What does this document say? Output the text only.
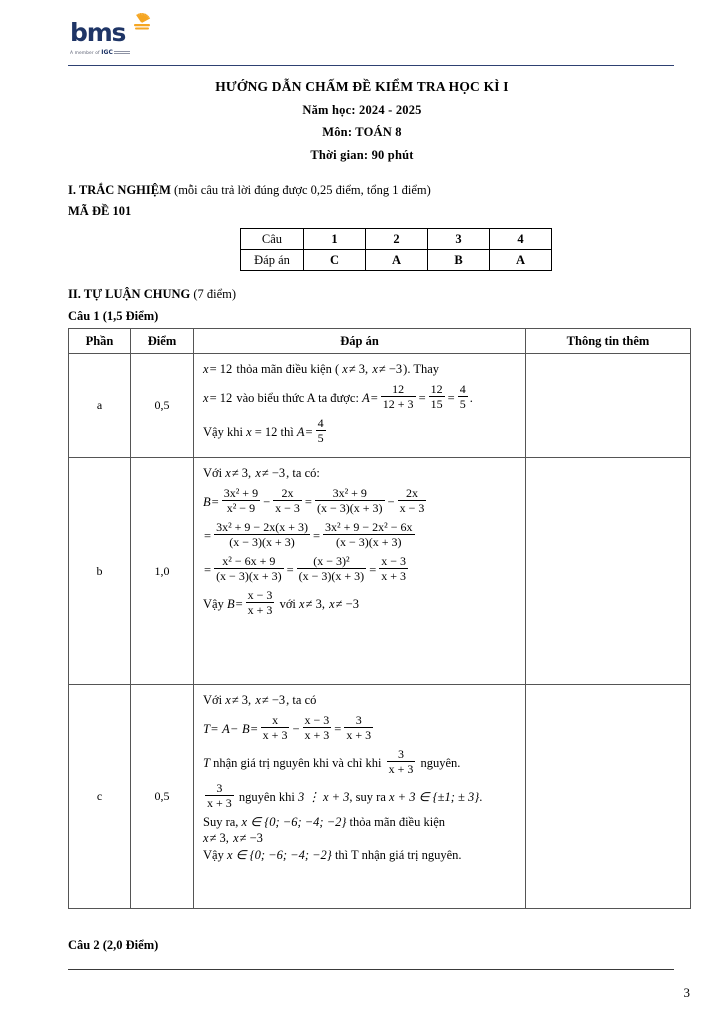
bms
A member of IGC
HƯỚNG DẪN CHẤM ĐỀ KIỂM TRA HỌC KÌ I
Năm học: 2024 - 2025
Môn: TOÁN 8
Thời gian: 90 phút
I. TRẮC NGHIỆM (mỗi câu trả lời đúng được 0,25 điểm, tổng 1 điểm)
MÃ ĐỀ 101
Câu	1	2	3	4
Đáp án	C	A	B	A
II. TỰ LUẬN CHUNG (7 điểm)
Câu 1 (1,5 Điểm)
Phần	Điểm	Đáp án	Thông tin thêm
a	0,5	
x= 12 thỏa mãn điều kiện ( x≠ 3, x≠ −3). Thay
x= 12 vào biểu thức A ta được: $A= \frac{12}{12 + 3} = \frac{12}{15} = \frac{4}{5}$ .
Vậy khi x = 12 thì $A= \frac{4}{5}$

b	1,0	
Với x≠ 3, x≠ −3, ta có:
$B= \frac{\text{3x² + 9}}{\text{x² − 9}} - \frac{2x}{x - 3} = \frac{\text{3x² + 9}}{(x - 3)(x + 3)} - \frac{2x}{x - 3}$
= $\frac{\text{3x² + 9 − 2x(x + 3)}}{(x - 3)(x + 3)} = \frac{\text{3x² + 9 − 2x² − 6x}}{(x - 3)(x + 3)}$
= $\frac{\text{x² − 6x + 9}}{(x - 3)(x + 3)} = \frac{\text{(x − 3)²}}{(x - 3)(x + 3)} = \frac{x - 3}{x + 3}$
Vậy $B= \frac{x - 3}{x + 3}$ với x≠ 3, x≠ −3

c	0,5	
Với x≠ 3, x≠ −3, ta có
$T= A- B= \frac{x}{x + 3} - \frac{x - 3}{x + 3} = \frac{3}{x + 3}$
T nhận giá trị nguyên khi và chỉ khi $\frac{3}{x + 3}$ nguyên.
$\frac{3}{x + 3}$ nguyên khi 3 ⋮ x + 3, suy ra x + 3 ∈ {±1; ± 3}.
Suy ra, x ∈ {0; −6; −4; −2} thỏa mãn điều kiện
x≠ 3, x≠ −3
Vậy x ∈ {0; −6; −4; −2} thì T nhận giá trị nguyên.

Câu 2 (2,0 Điểm)
3
